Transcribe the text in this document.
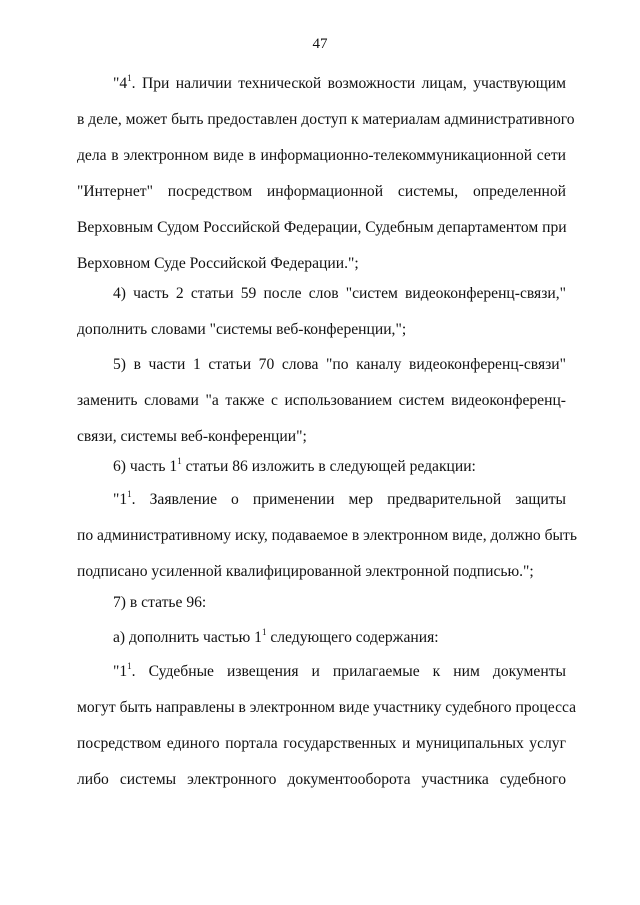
47
"$4^1$. При наличии технической возможности лицам, участвующим
в деле, может быть предоставлен доступ к материалам административного
дела в электронном виде в информационно-телекоммуникационной сети
"Интернет" посредством информационной системы, определенной
Верховным Судом Российской Федерации, Судебным департаментом при
Верховном Суде Российской Федерации.";
4) часть 2 статьи 59 после слов "систем видеоконференц-связи,"
дополнить словами "системы веб-конференции,";
5) в части 1 статьи 70 слова "по каналу видеоконференц-связи"
заменить словами "а также с использованием систем видеоконференц-
связи, системы веб-конференции";
6) часть $1^1$ статьи 86 изложить в следующей редакции:
"$1^1$. Заявление о применении мер предварительной защиты
по административному иску, подаваемое в электронном виде, должно быть
подписано усиленной квалифицированной электронной подписью.";
7) в статье 96:
а) дополнить частью $1^1$ следующего содержания:
"$1^1$. Судебные извещения и прилагаемые к ним документы
могут быть направлены в электронном виде участнику судебного процесса
посредством единого портала государственных и муниципальных услуг
либо системы электронного документооборота участника судебного
